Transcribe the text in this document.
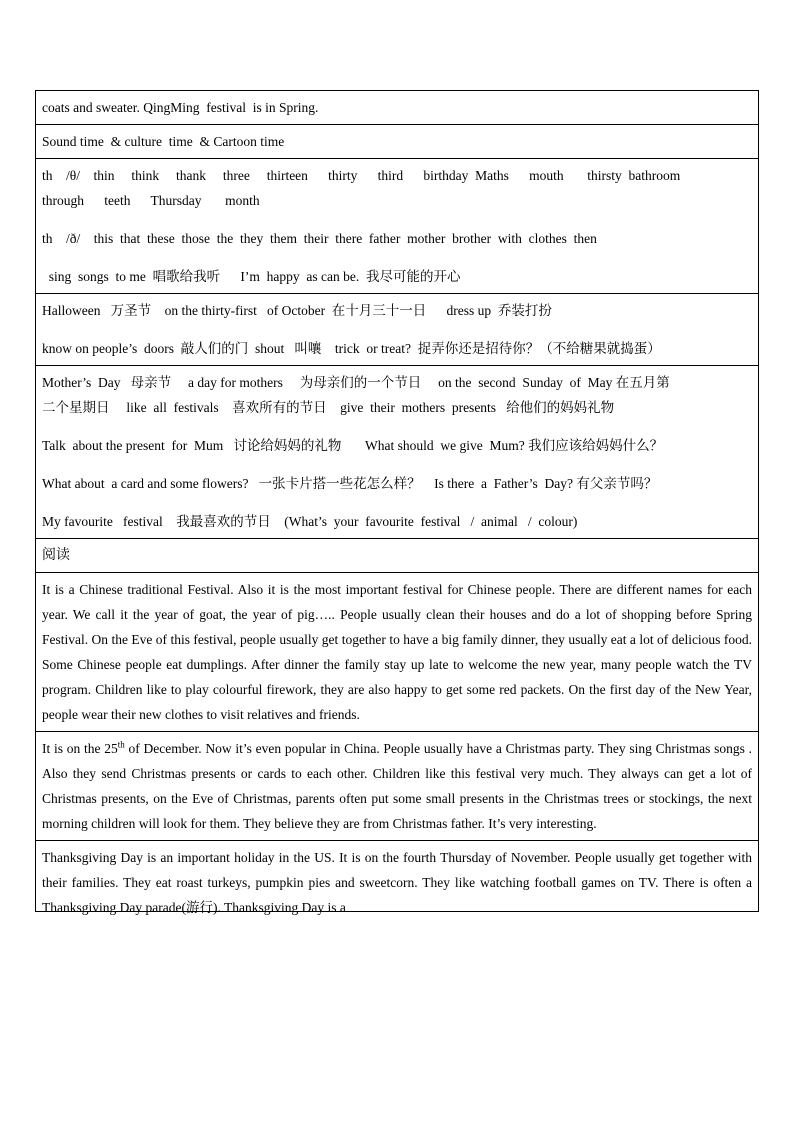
coats and sweater. QingMing  festival  is in Spring.

Sound time  & culture  time  & Cartoon time

th    /θ/    thin     think     thank     three     thirteen      thirty      third      birthday  Maths      mouth       thirsty  bathroom
through      teeth      Thursday       month
th    /ð/    this  that  these  those  the  they  them  their  there  father  mother  brother  with  clothes  then
sing  songs  to me  唱歌给我听      I’m  happy  as can be.  我尽可能的开心

Halloween   万圣节    on the thirty-first   of October  在十月三十一日      dress up  乔装打扮
know on people’s  doors  敲人们的门  shout   叫嚷    trick  or treat?  捉弄你还是招待你？（不给糖果就捣蛋）

Mother’s  Day   母亲节     a day for mothers     为母亲们的一个节日     on the  second  Sunday  of  May 在五月第
二个星期日     like  all  festivals    喜欢所有的节日    give  their  mothers  presents   给他们的妈妈礼物
Talk  about the present  for  Mum   讨论给妈妈的礼物       What should  we give  Mum? 我们应该给妈妈什么？
What about  a card and some flowers?   一张卡片搭一些花怎么样？    Is there  a  Father’s  Day? 有父亲节吗？
My favourite   festival    我最喜欢的节日    (What’s  your  favourite  festival   /  animal   /  colour)

阅读

It is a Chinese traditional Festival. Also it is the most important festival for Chinese people. There are different names for each year. We call it the year of goat, the year of pig….. People usually clean their houses and do a lot of shopping before Spring Festival. On the Eve of this festival, people usually get together to have a big family dinner, they usually eat a lot of delicious food. Some Chinese people eat dumplings. After dinner the family stay up late to welcome the new year, many people watch the TV program. Children like to play colourful firework, they are also happy to get some red packets. On the first day of the New Year, people wear their new clothes to visit relatives and friends.

It is on the 25th of December. Now it’s even popular in China. People usually have a Christmas party. They sing Christmas songs . Also they send Christmas presents or cards to each other. Children like this festival very much. They always can get a lot of Christmas presents, on the Eve of Christmas, parents often put some small presents in the Christmas trees or stockings, the next morning children will look for them. They believe they are from Christmas father. It’s very interesting.

Thanksgiving Day is an important holiday in the US. It is on the fourth Thursday of November. People usually get together with their families. They eat roast turkeys, pumpkin pies and sweetcorn. They like watching football games on TV. There is often a Thanksgiving Day parade(游行). Thanksgiving Day is a
